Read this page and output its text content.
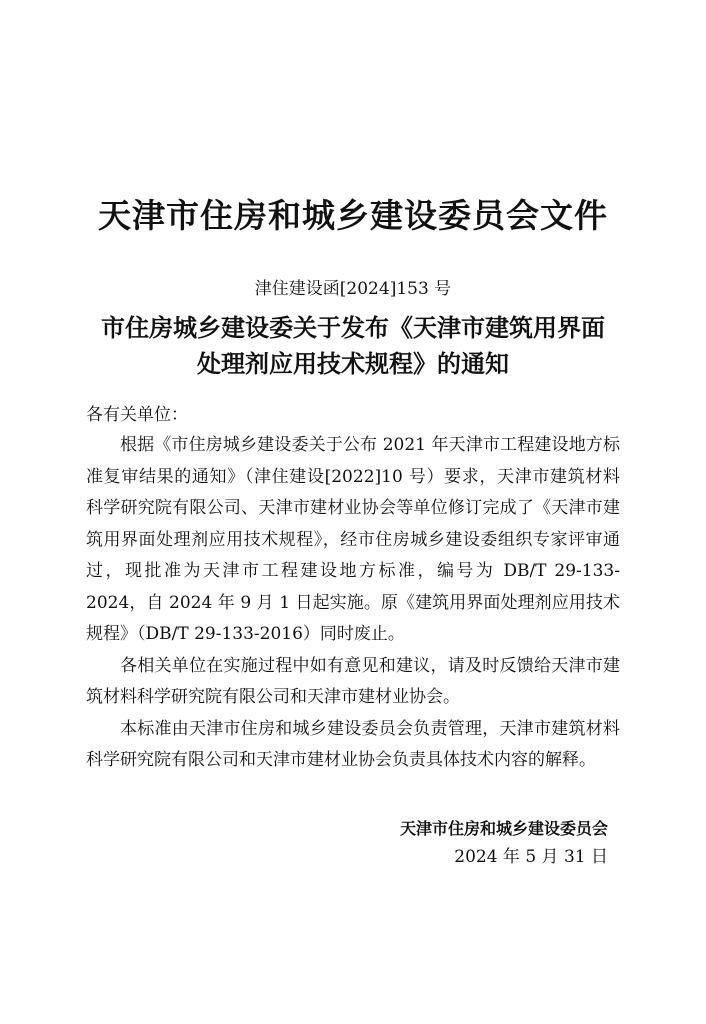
天津市住房和城乡建设委员会文件
津住建设函[2024]153 号
市住房城乡建设委关于发布《天津市建筑用界面
处理剂应用技术规程》的通知
各有关单位：

根据《市住房城乡建设委关于公布 2021 年天津市工程建设地方标准复审结果的通知》（津住建设[2022]10 号）要求，天津市建筑材料科学研究院有限公司、天津市建材业协会等单位修订完成了《天津市建筑用界面处理剂应用技术规程》，经市住房城乡建设委组织专家评审通过，现批准为天津市工程建设地方标准，编号为 DB/T 29-133-2024，自 2024 年 9 月 1 日起实施。原《建筑用界面处理剂应用技术规程》（DB/T 29-133-2016）同时废止。

各相关单位在实施过程中如有意见和建议，请及时反馈给天津市建筑材料科学研究院有限公司和天津市建材业协会。

本标准由天津市住房和城乡建设委员会负责管理，天津市建筑材料科学研究院有限公司和天津市建材业协会负责具体技术内容的解释。

天津市住房和城乡建设委员会
2024 年 5 月 31 日
